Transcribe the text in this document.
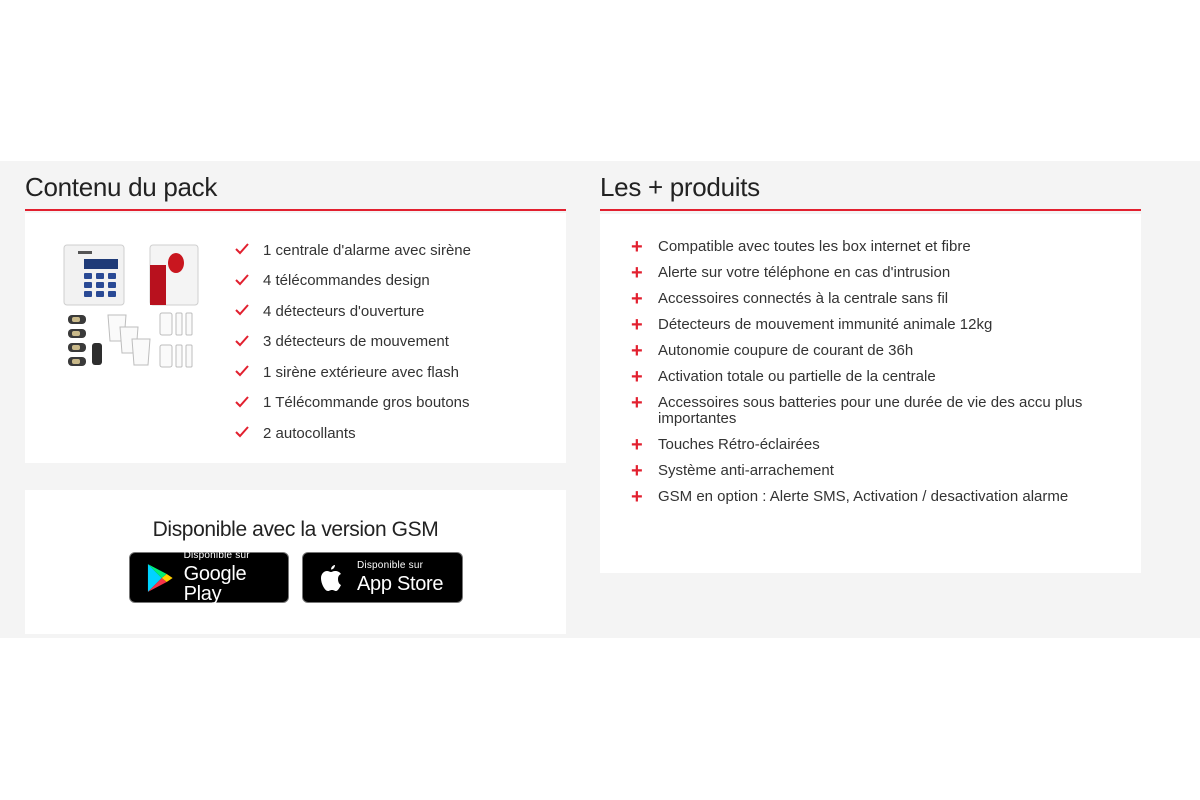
Contenu du pack
1 centrale d'alarme avec sirène
4 télécommandes design
4 détecteurs d'ouverture
3 détecteurs de mouvement
1 sirène extérieure avec flash
1 Télécommande gros boutons
2 autocollants
Disponible avec la version GSM
Disponible sur
Google Play
Disponible sur
App Store
Les + produits
+	Compatible avec toutes les box internet et fibre
+	Alerte sur votre téléphone en cas d'intrusion
+	Accessoires connectés à la centrale sans fil
+	Détecteurs de mouvement immunité animale 12kg
+	Autonomie coupure de courant de 36h
+	Activation totale ou partielle de la centrale
+	Accessoires sous batteries pour une durée de vie des accu plus importantes
+	Touches Rétro-éclairées
+	Système anti-arrachement
+	GSM en option : Alerte SMS, Activation / desactivation alarme
